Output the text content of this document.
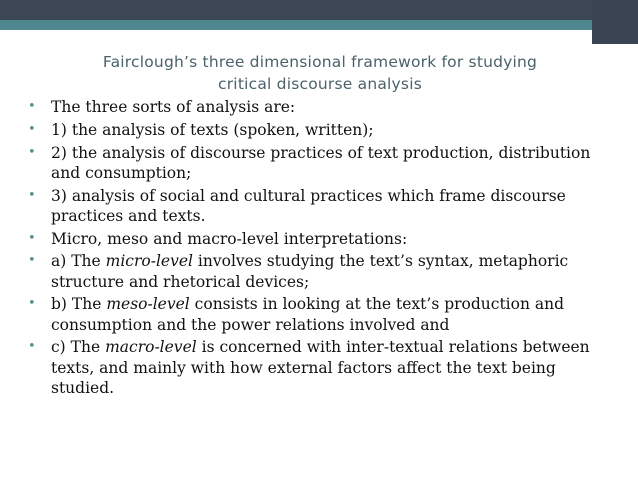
Fairclough’s three dimensional framework for studying
critical discourse analysis
• The three sorts of analysis are:
• 1) the analysis of texts (spoken, written);
• 2) the analysis of discourse practices of text production, distribution and consumption;
• 3) analysis of social and cultural practices which frame discourse practices and texts.
• Micro, meso and macro-level interpretations:
• a) The micro-level involves studying the text’s syntax, metaphoric structure and rhetorical devices;
• b) The meso-level consists in looking at the text’s production and consumption and the power relations involved and
• c) The macro-level is concerned with inter-textual relations between texts, and mainly with how external factors affect the text being studied.
